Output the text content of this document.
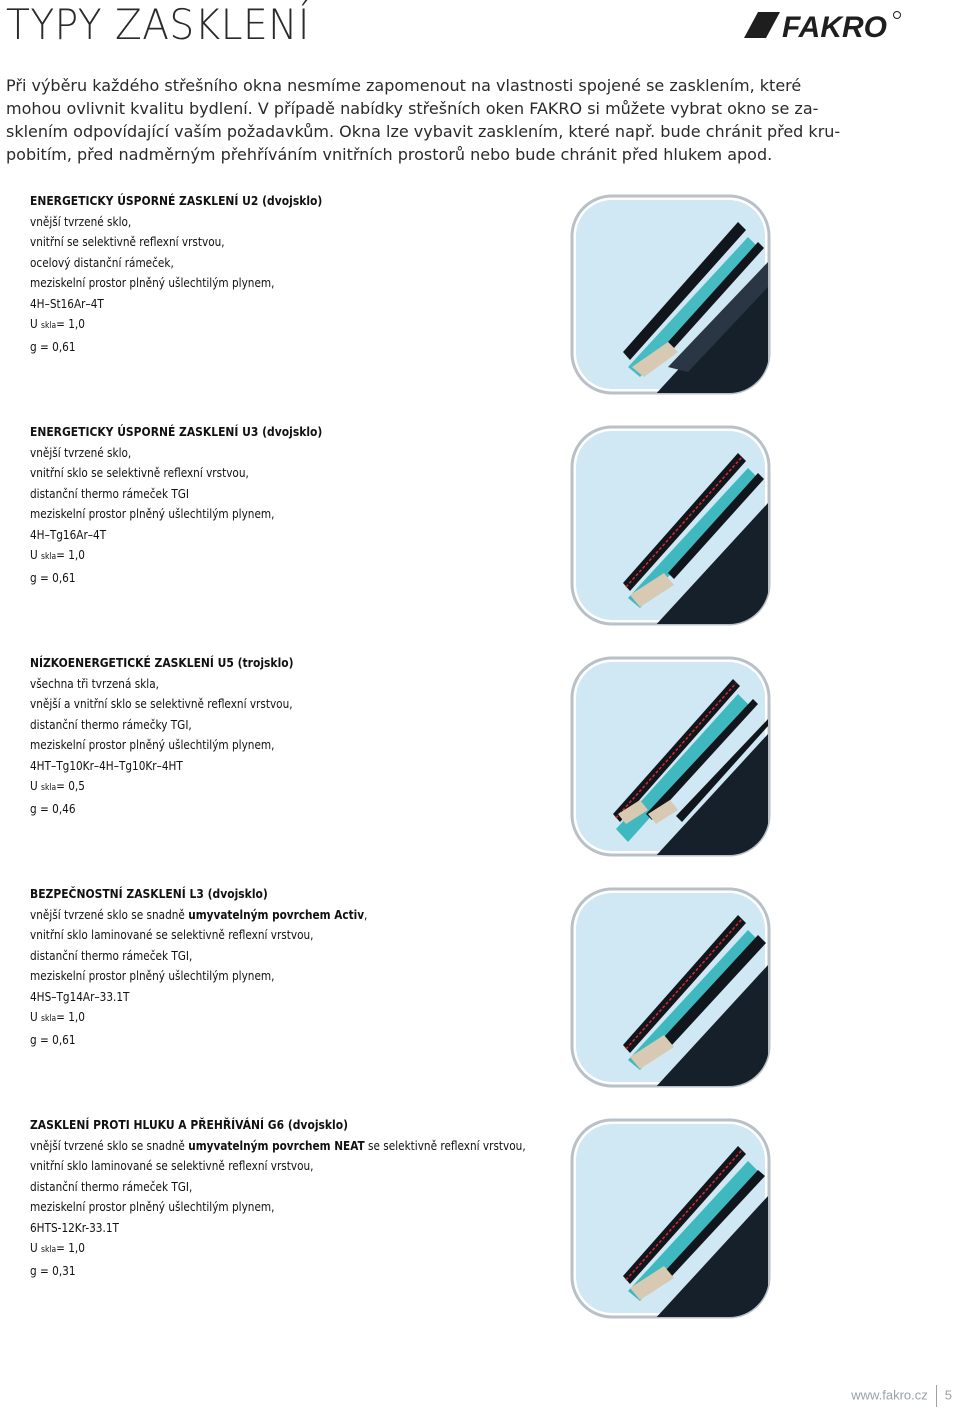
TYPY ZASKLENÍ	FAKRO

Při výběru každého střešního okna nesmíme zapomenout na vlastnosti spojené se zasklením, které

mohou ovlivnit kvalitu bydlení. V případě nabídky střešních oken FAKRO si můžete vybrat okno se za-

sklením odpovídající vaším požadavkům. Okna lze vybavit zasklením, které např. bude chránit před kru-

pobitím, před nadměrným přehříváním vnitřních prostorů nebo bude chránit před hlukem apod.

ENERGETICKY ÚSPORNÉ ZASKLENÍ U2 (dvojsklo)
vnější tvrzené sklo,
vnitřní se selektivně reflexní vrstvou,
ocelový distanční rámeček,
meziskelní prostor plněný ušlechtilým plynem,
4H–St16Ar–4T
U skla= 1,0
g = 0,61
ENERGETICKY ÚSPORNÉ ZASKLENÍ U3 (dvojsklo)
vnější tvrzené sklo,
vnitřní sklo se selektivně reflexní vrstvou,
distanční thermo rámeček TGI
meziskelní prostor plněný ušlechtilým plynem,
4H–Tg16Ar–4T
U skla= 1,0
g = 0,61
NÍZKOENERGETICKÉ ZASKLENÍ U5 (trojsklo)
všechna tři tvrzená skla,
vnější a vnitřní sklo se selektivně reflexní vrstvou,
distanční thermo rámečky TGI,
meziskelní prostor plněný ušlechtilým plynem,
4HT–Tg10Kr–4H–Tg10Kr–4HT
U skla= 0,5
g = 0,46
BEZPEČNOSTNÍ ZASKLENÍ L3 (dvojsklo)
vnější tvrzené sklo se snadně umyvatelným povrchem Activ,
vnitřní sklo laminované se selektivně reflexní vrstvou,
distanční thermo rámeček TGI,
meziskelní prostor plněný ušlechtilým plynem,
4HS–Tg14Ar–33.1T
U skla= 1,0
g = 0,61
ZASKLENÍ PROTI HLUKU A PŘEHŘÍVÁNÍ G6 (dvojsklo)
vnější tvrzené sklo se snadně umyvatelným povrchem NEAT se selektivně reflexní vrstvou,
vnitřní sklo laminované se selektivně reflexní vrstvou,
distanční thermo rámeček TGI,
meziskelní prostor plněný ušlechtilým plynem,
6HTS-12Kr-33.1T
U skla= 1,0
g = 0,31
www.fakro.cz 5
